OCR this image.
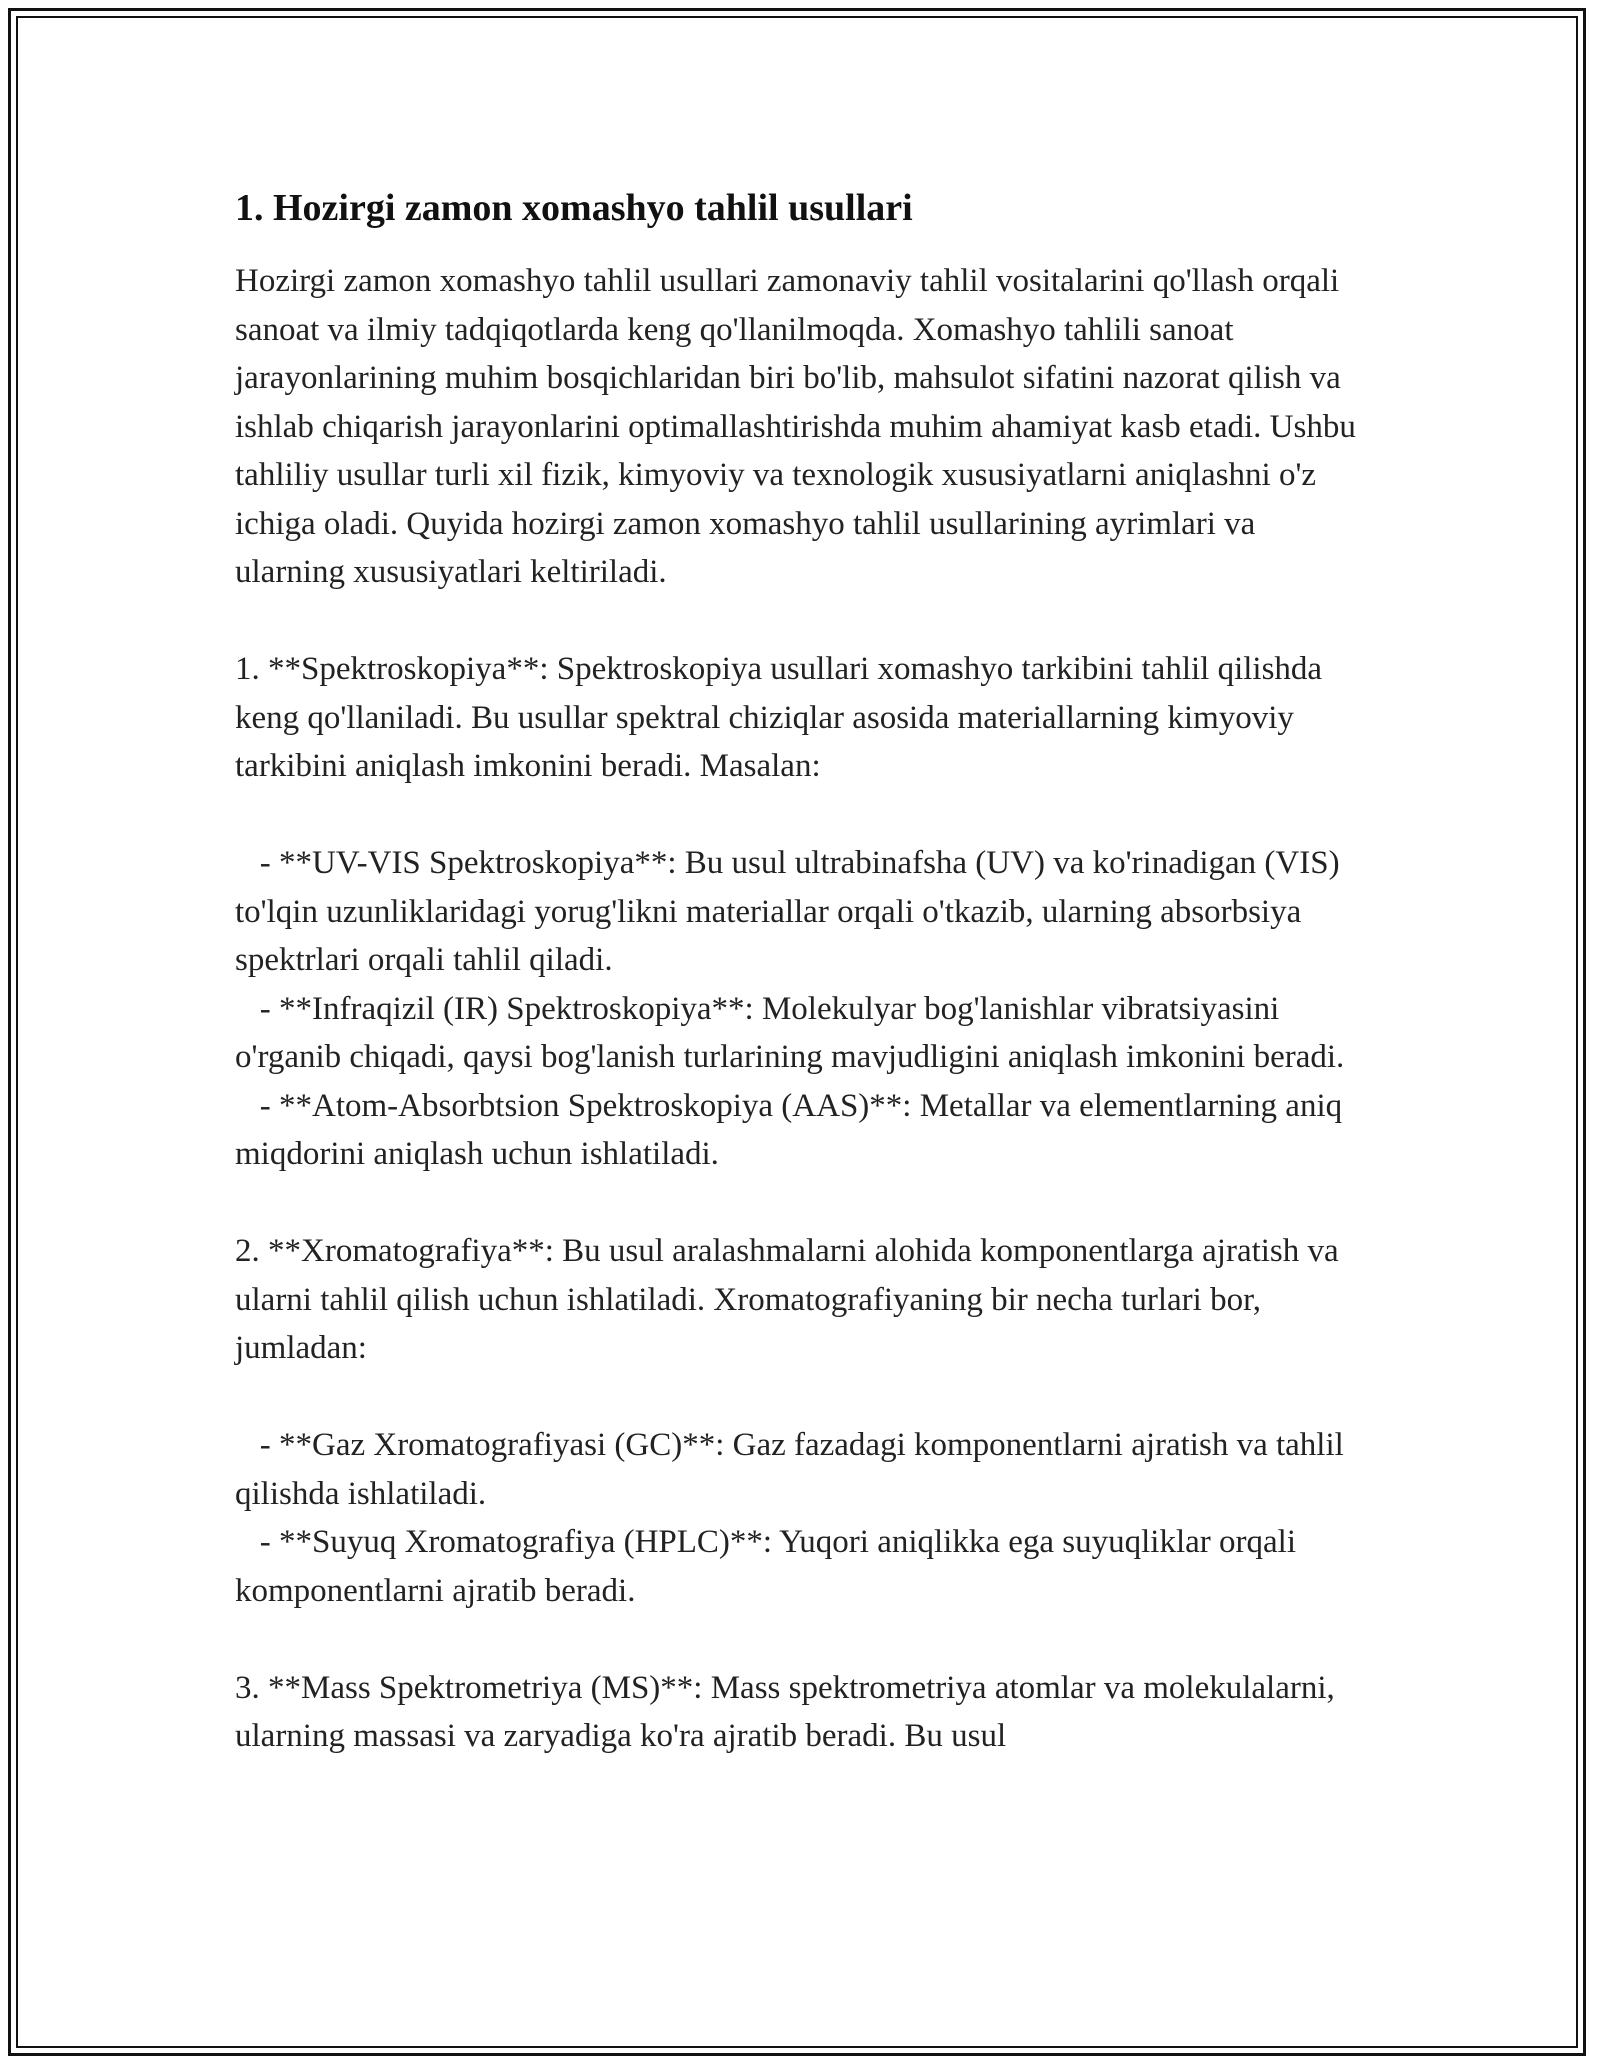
1. Hozirgi zamon xomashyo tahlil usullari

Hozirgi zamon xomashyo tahlil usullari zamonaviy tahlil vositalarini qo'llash orqali sanoat va ilmiy tadqiqotlarda keng qo'llanilmoqda. Xomashyo tahlili sanoat jarayonlarining muhim bosqichlaridan biri bo'lib, mahsulot sifatini nazorat qilish va ishlab chiqarish jarayonlarini optimallashtirishda muhim ahamiyat kasb etadi. Ushbu tahliliy usullar turli xil fizik, kimyoviy va texnologik xususiyatlarni aniqlashni o'z ichiga oladi. Quyida hozirgi zamon xomashyo tahlil usullarining ayrimlari va ularning xususiyatlari keltiriladi.

1. **Spektroskopiya**: Spektroskopiya usullari xomashyo tarkibini tahlil qilishda keng qo'llaniladi. Bu usullar spektral chiziqlar asosida materiallarning kimyoviy tarkibini aniqlash imkonini beradi. Masalan:

- **UV-VIS Spektroskopiya**: Bu usul ultrabinafsha (UV) va ko'rinadigan (VIS) to'lqin uzunliklaridagi yorug'likni materiallar orqali o'tkazib, ularning absorbsiya spektrlari orqali tahlil qiladi.
- **Infraqizil (IR) Spektroskopiya**: Molekulyar bog'lanishlar vibratsiyasini o'rganib chiqadi, qaysi bog'lanish turlarining mavjudligini aniqlash imkonini beradi.
- **Atom-Absorbtsion Spektroskopiya (AAS)**: Metallar va elementlarning aniq miqdorini aniqlash uchun ishlatiladi.

2. **Xromatografiya**: Bu usul aralashmalarni alohida komponentlarga ajratish va ularni tahlil qilish uchun ishlatiladi. Xromatografiyaning bir necha turlari bor, jumladan:

- **Gaz Xromatografiyasi (GC)**: Gaz fazadagi komponentlarni ajratish va tahlil qilishda ishlatiladi.
- **Suyuq Xromatografiya (HPLC)**: Yuqori aniqlikka ega suyuqliklar orqali komponentlarni ajratib beradi.

3. **Mass Spektrometriya (MS)**: Mass spektrometriya atomlar va molekulalarni, ularning massasi va zaryadiga ko'ra ajratib beradi. Bu usul
